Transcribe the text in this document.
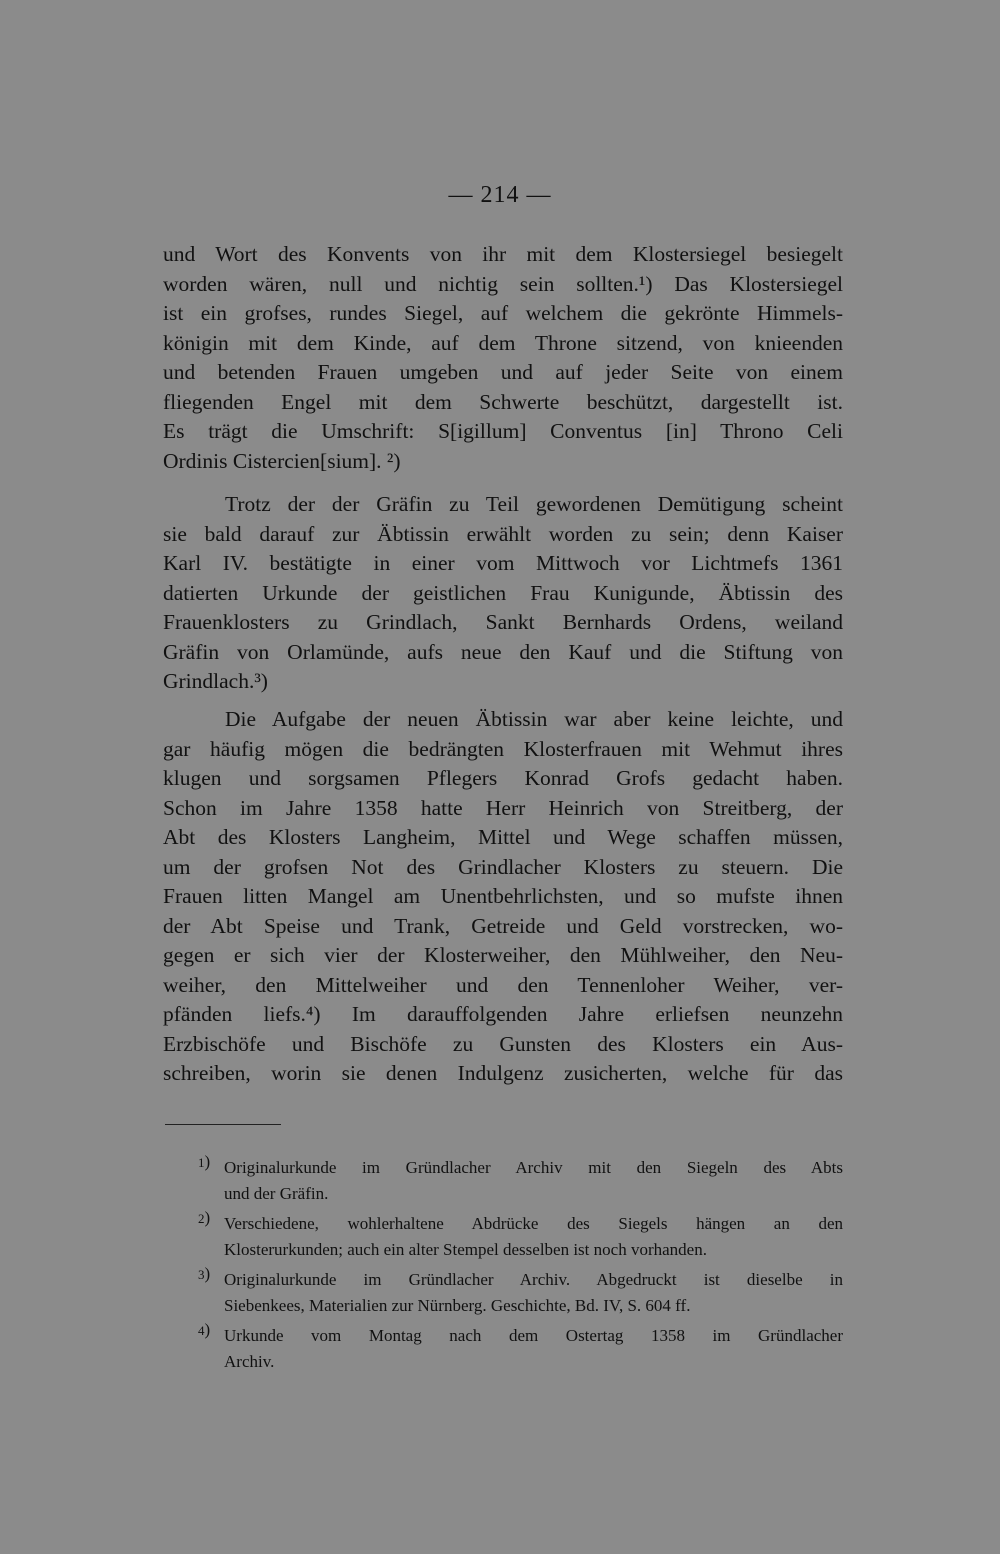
— 214 —
und Wort des Konvents von ihr mit dem Klostersiegel besiegelt
worden wären, null und nichtig sein sollten.¹) Das Klostersiegel
ist ein grofses, rundes Siegel, auf welchem die gekrönte Himmels-
königin mit dem Kinde, auf dem Throne sitzend, von knieenden
und betenden Frauen umgeben und auf jeder Seite von einem
fliegenden Engel mit dem Schwerte beschützt, dargestellt ist.
Es trägt die Umschrift: S[igillum] Conventus [in] Throno Celi
Ordinis Cistercien[sium]. ²)
Trotz der der Gräfin zu Teil gewordenen Demütigung scheint
sie bald darauf zur Äbtissin erwählt worden zu sein; denn Kaiser
Karl IV. bestätigte in einer vom Mittwoch vor Lichtmefs 1361
datierten Urkunde der geistlichen Frau Kunigunde, Äbtissin des
Frauenklosters zu Grindlach, Sankt Bernhards Ordens, weiland
Gräfin von Orlamünde, aufs neue den Kauf und die Stiftung von
Grindlach.³)
Die Aufgabe der neuen Äbtissin war aber keine leichte, und
gar häufig mögen die bedrängten Klosterfrauen mit Wehmut ihres
klugen und sorgsamen Pflegers Konrad Grofs gedacht haben.
Schon im Jahre 1358 hatte Herr Heinrich von Streitberg, der
Abt des Klosters Langheim, Mittel und Wege schaffen müssen,
um der grofsen Not des Grindlacher Klosters zu steuern. Die
Frauen litten Mangel am Unentbehrlichsten, und so mufste ihnen
der Abt Speise und Trank, Getreide und Geld vorstrecken, wo-
gegen er sich vier der Klosterweiher, den Mühlweiher, den Neu-
weiher, den Mittelweiher und den Tennenloher Weiher, ver-
pfänden liefs.⁴) Im darauffolgenden Jahre erliefsen neunzehn
Erzbischöfe und Bischöfe zu Gunsten des Klosters ein Aus-
schreiben, worin sie denen Indulgenz zusicherten, welche für das
1) Originalurkunde im Gründlacher Archiv mit den Siegeln des Abts
und der Gräfin.
2) Verschiedene, wohlerhaltene Abdrücke des Siegels hängen an den
Klosterurkunden; auch ein alter Stempel desselben ist noch vorhanden.
3) Originalurkunde im Gründlacher Archiv. Abgedruckt ist dieselbe in
Siebenkees, Materialien zur Nürnberg. Geschichte, Bd. IV, S. 604 ff.
4) Urkunde vom Montag nach dem Ostertag 1358 im Gründlacher
Archiv.
